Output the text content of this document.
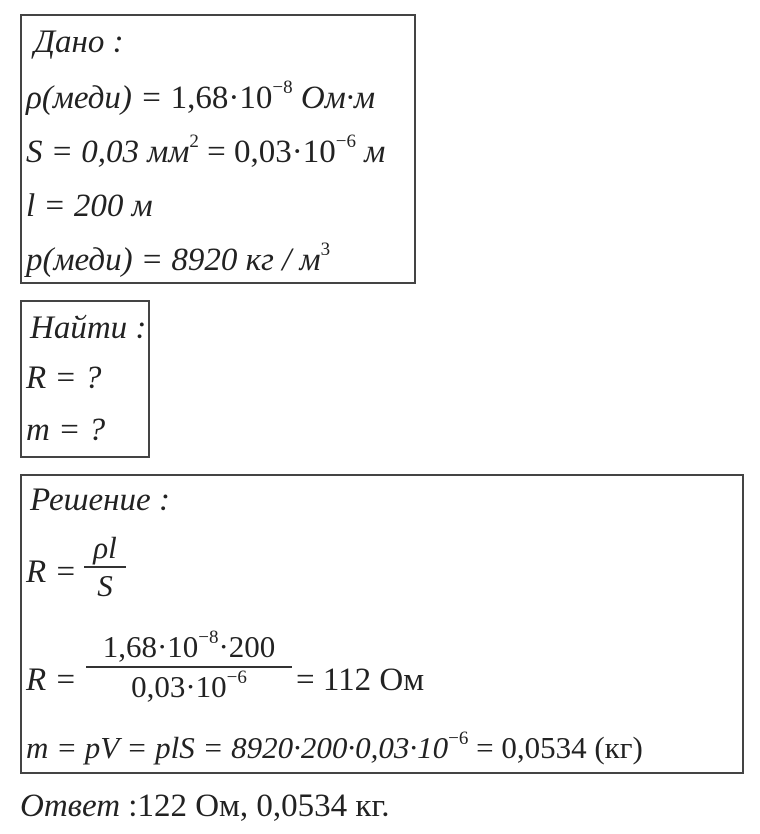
Дано :
ρ(меди) = $1,68\cdot 10^{-8}$ Ом·м
S = 0,03 $мм^2 = 0,03\cdot 10^{-6}$ м
l = 200 м
p(меди) = 8920 кг / $м^3$
Найти :
R = ?
m = ?
Решение :
R =
ρl
S
R =
$1,68\cdot 10^{-8}\cdot 200$
$0,03\cdot 10^{-6}$	= 112 Ом
m = pV = plS = $8920\cdot 200\cdot 0,03\cdot 10^{-6} = 0,0534$ (кг)
Ответ :122 Ом, 0,0534 кг.
